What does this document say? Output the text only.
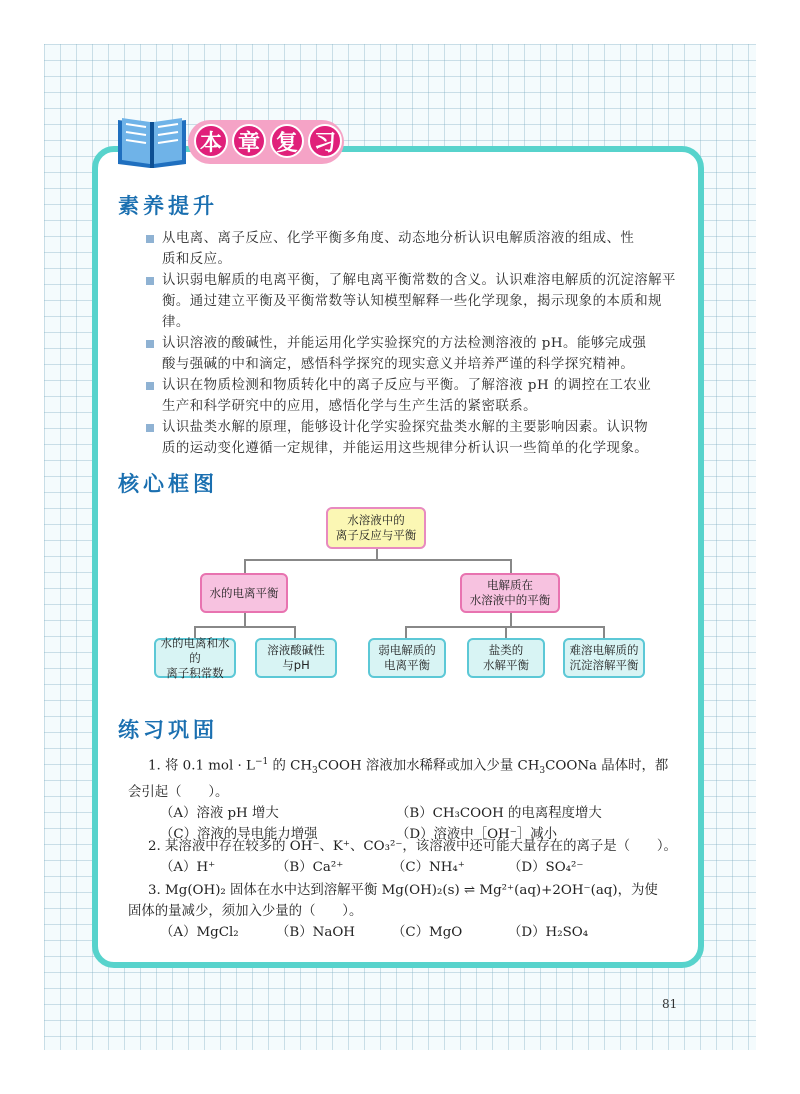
本 章 复 习
素养提升
从电离、离子反应、化学平衡多角度、动态地分析认识电解质溶液的组成、性
质和反应。
认识弱电解质的电离平衡，了解电离平衡常数的含义。认识难溶电解质的沉淀溶解平
衡。通过建立平衡及平衡常数等认知模型解释一些化学现象，揭示现象的本质和规律。
认识溶液的酸碱性，并能运用化学实验探究的方法检测溶液的 pH。能够完成强
酸与强碱的中和滴定，感悟科学探究的现实意义并培养严谨的科学探究精神。
认识在物质检测和物质转化中的离子反应与平衡。了解溶液 pH 的调控在工农业
生产和科学研究中的应用，感悟化学与生产生活的紧密联系。
认识盐类水解的原理，能够设计化学实验探究盐类水解的主要影响因素。认识物
质的运动变化遵循一定规律，并能运用这些规律分析认识一些简单的化学现象。
核心框图
水溶液中的
离子反应与平衡
水的电离平衡
电解质在
水溶液中的平衡
水的电离和水的
离子积常数
溶液酸碱性
与pH
弱电解质的
电离平衡
盐类的
水解平衡
难溶电解质的
沉淀溶解平衡
练习巩固
1. 将 0.1 mol · $L^{-1}$ 的 $CH_3COOH$ 溶液加水稀释或加入少量 $CH_3COONa$ 晶体时，都
会引起（　　）。
（A）溶液 pH 增大	（B）CH₃COOH 的电离程度增大
（C）溶液的导电能力增强	（D）溶液中［OH⁻］减小
2. 某溶液中存在较多的 OH⁻、K⁺、CO₃²⁻，该溶液中还可能大量存在的离子是（　　）。
（A）H⁺	（B）Ca²⁺	（C）NH₄⁺	（D）SO₄²⁻
3. Mg(OH)₂ 固体在水中达到溶解平衡 Mg(OH)₂(s) ⇌ Mg²⁺(aq)+2OH⁻(aq)，为使
固体的量减少，须加入少量的（　　）。
（A）MgCl₂	（B）NaOH	（C）MgO	（D）H₂SO₄
81
